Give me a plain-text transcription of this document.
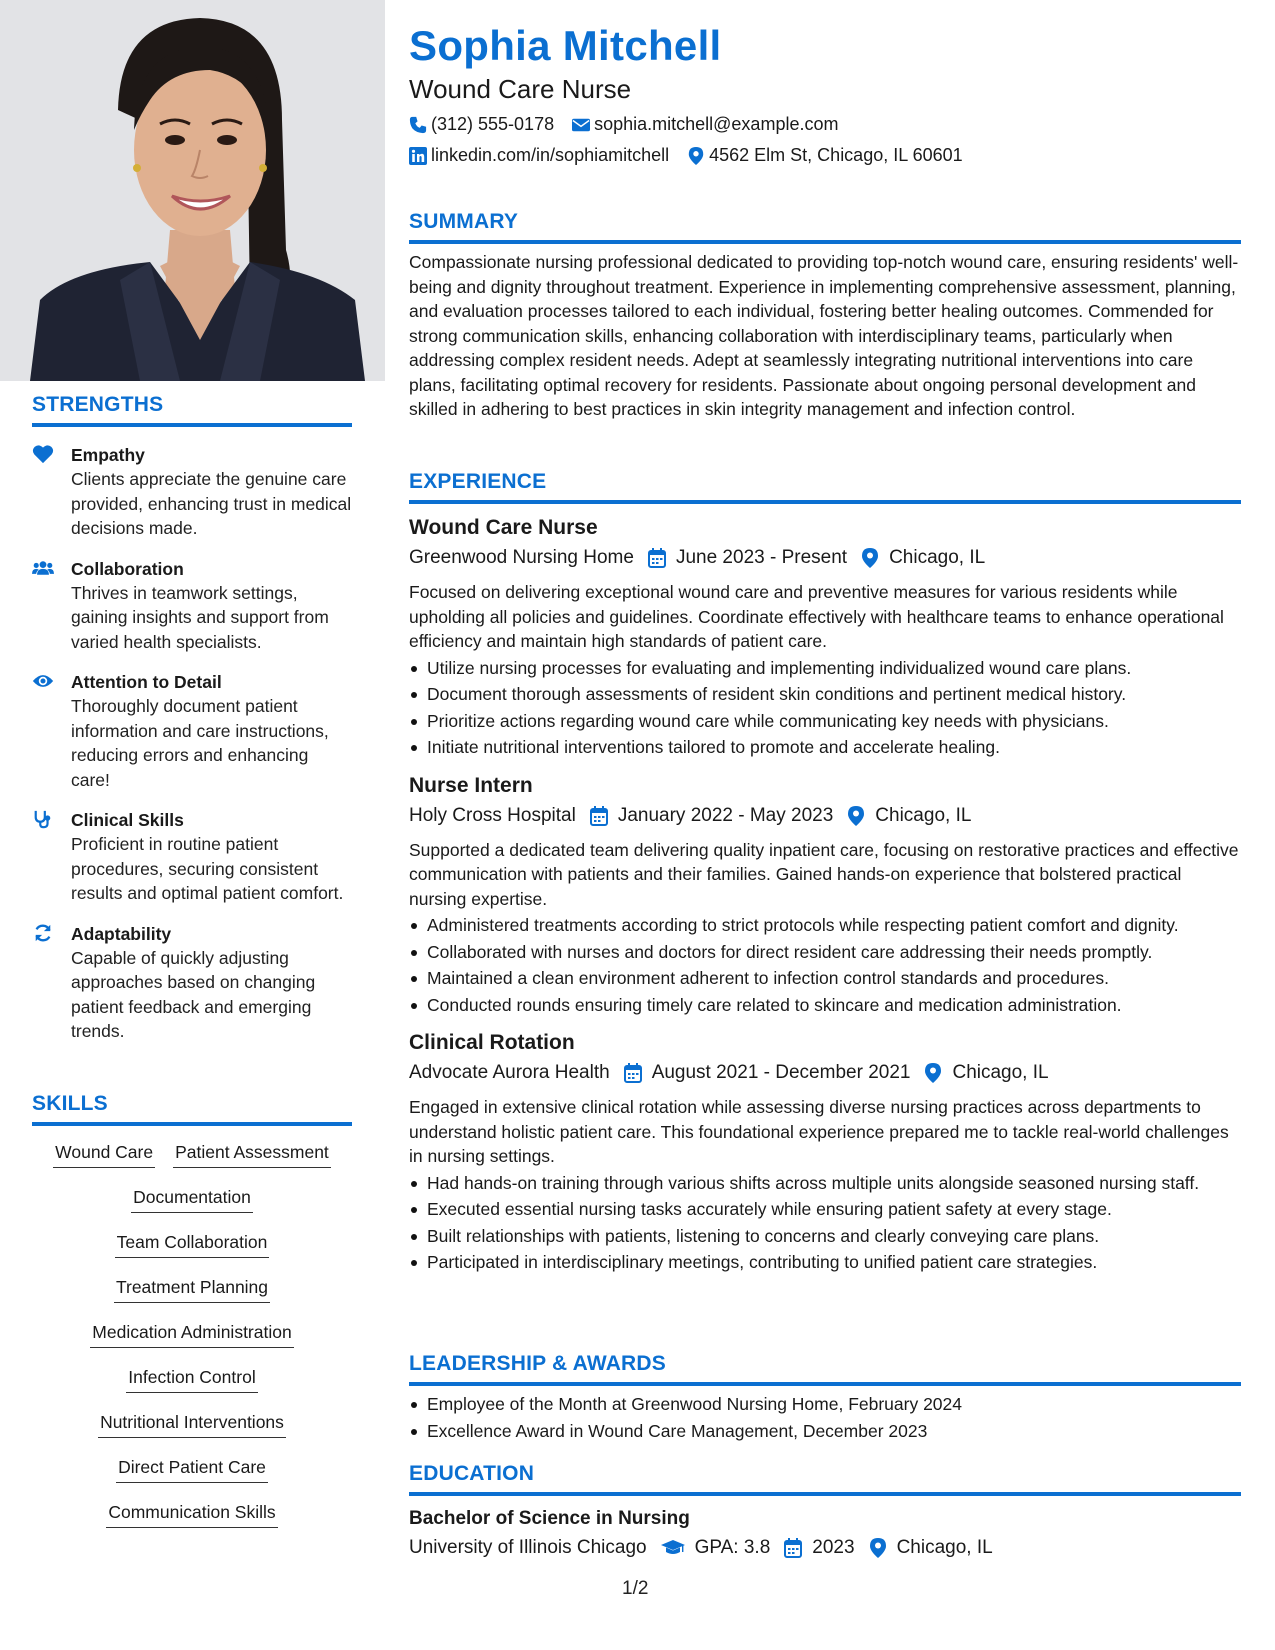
STRENGTHS
Empathy
Clients appreciate the genuine care provided, enhancing trust in medical decisions made.
Collaboration
Thrives in teamwork settings, gaining insights and support from varied health specialists.
Attention to Detail
Thoroughly document patient information and care instructions, reducing errors and enhancing care!
Clinical Skills
Proficient in routine patient procedures, securing consistent results and optimal patient comfort.
Adaptability
Capable of quickly adjusting approaches based on changing patient feedback and emerging trends.
SKILLS
Wound Care Patient Assessment
Documentation
Team Collaboration
Treatment Planning
Medication Administration
Infection Control
Nutritional Interventions
Direct Patient Care
Communication Skills
Sophia Mitchell
Wound Care Nurse
(312) 555-0178 sophia.mitchell@example.com
linkedin.com/in/sophiamitchell 4562 Elm St, Chicago, IL 60601
SUMMARY
Compassionate nursing professional dedicated to providing top-notch wound care, ensuring residents' well-being and dignity throughout treatment. Experience in implementing comprehensive assessment, planning, and evaluation processes tailored to each individual, fostering better healing outcomes. Commended for strong communication skills, enhancing collaboration with interdisciplinary teams, particularly when addressing complex resident needs. Adept at seamlessly integrating nutritional interventions into care plans, facilitating optimal recovery for residents. Passionate about ongoing personal development and skilled in adhering to best practices in skin integrity management and infection control.
EXPERIENCE
Wound Care Nurse
Greenwood Nursing Home June 2023 - Present Chicago, IL
Focused on delivering exceptional wound care and preventive measures for various residents while upholding all policies and guidelines. Coordinate effectively with healthcare teams to enhance operational efficiency and maintain high standards of patient care.
Utilize nursing processes for evaluating and implementing individualized wound care plans.
Document thorough assessments of resident skin conditions and pertinent medical history.
Prioritize actions regarding wound care while communicating key needs with physicians.
Initiate nutritional interventions tailored to promote and accelerate healing.
Nurse Intern
Holy Cross Hospital January 2022 - May 2023 Chicago, IL
Supported a dedicated team delivering quality inpatient care, focusing on restorative practices and effective communication with patients and their families. Gained hands-on experience that bolstered practical nursing expertise.
Administered treatments according to strict protocols while respecting patient comfort and dignity.
Collaborated with nurses and doctors for direct resident care addressing their needs promptly.
Maintained a clean environment adherent to infection control standards and procedures.
Conducted rounds ensuring timely care related to skincare and medication administration.
Clinical Rotation
Advocate Aurora Health August 2021 - December 2021 Chicago, IL
Engaged in extensive clinical rotation while assessing diverse nursing practices across departments to understand holistic patient care. This foundational experience prepared me to tackle real-world challenges in nursing settings.
Had hands-on training through various shifts across multiple units alongside seasoned nursing staff.
Executed essential nursing tasks accurately while ensuring patient safety at every stage.
Built relationships with patients, listening to concerns and clearly conveying care plans.
Participated in interdisciplinary meetings, contributing to unified patient care strategies.
LEADERSHIP & AWARDS
Employee of the Month at Greenwood Nursing Home, February 2024
Excellence Award in Wound Care Management, December 2023
EDUCATION
Bachelor of Science in Nursing
University of Illinois Chicago	GPA: 3.8 2023 Chicago, IL
1/2
